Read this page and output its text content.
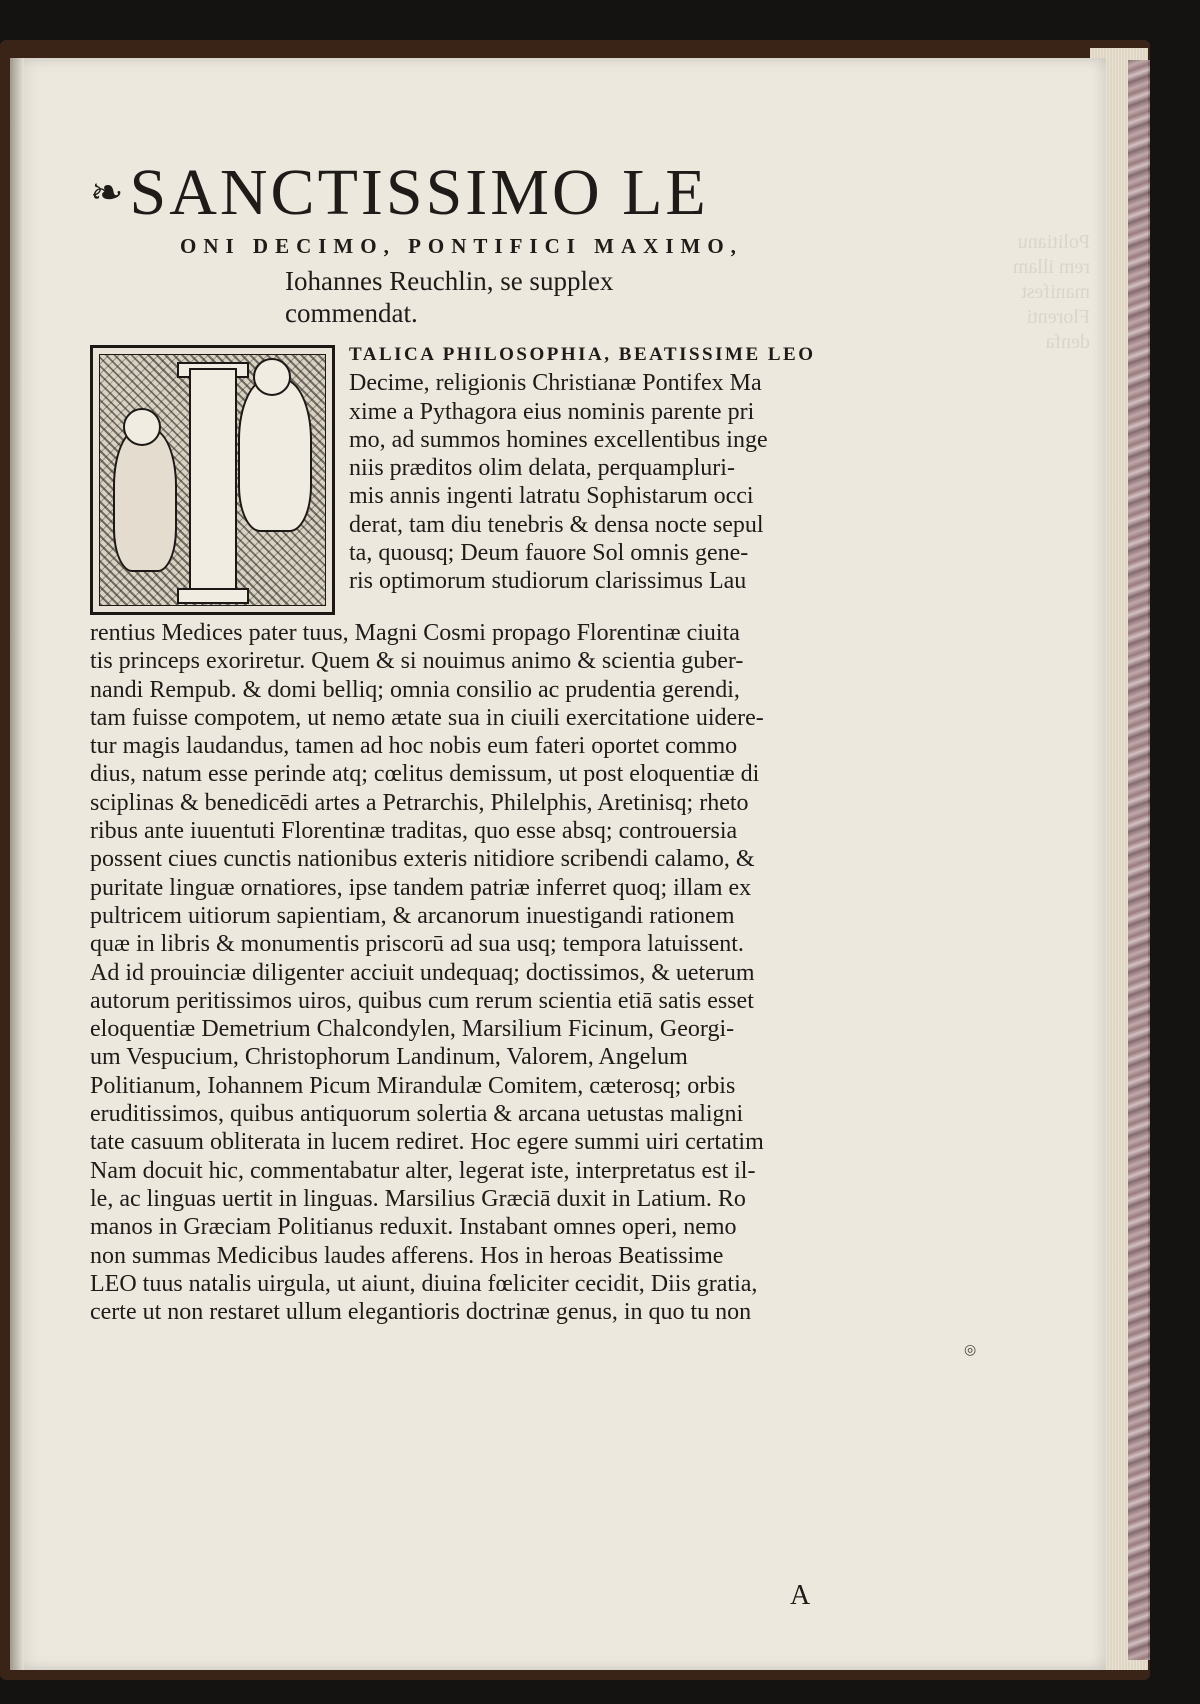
Politianu
rem illam
manifest
Florenti
denfa
❧ SANCTISSIMO LE
ONI DECIMO, PONTIFICI MAXIMO,
Iohannes Reuchlin, se supplex commendat.
TALICA PHILOSOPHIA, BEATISSIME LEO
Decime, religionis Christianæ Pontifex Ma
xime a Pythagora eius nominis parente pri
mo, ad summos homines excellentibus inge
niis præditos olim delata, perquampluri-
mis annis ingenti latratu Sophistarum occi
derat, tam diu tenebris & densa nocte sepul
ta, quousq; Deum fauore Sol omnis gene-
ris optimorum studiorum clarissimus Lau
rentius Medices pater tuus, Magni Cosmi propago Florentinæ ciuita
tis princeps exoriretur. Quem & si nouimus animo & scientia guber-
nandi Rempub. & domi belliq; omnia consilio ac prudentia gerendi,
tam fuisse compotem, ut nemo ætate sua in ciuili exercitatione uidere-
tur magis laudandus, tamen ad hoc nobis eum fateri oportet commo
dius, natum esse perinde atq; cœlitus demissum, ut post eloquentiæ di
sciplinas & benedicēdi artes a Petrarchis, Philelphis, Aretinisq; rheto
ribus ante iuuentuti Florentinæ traditas, quo esse absq; controuersia
possent ciues cunctis nationibus exteris nitidiore scribendi calamo, &
puritate linguæ ornatiores, ipse tandem patriæ inferret quoq; illam ex
pultricem uitiorum sapientiam, & arcanorum inuestigandi rationem
quæ in libris & monumentis priscorū ad sua usq; tempora latuissent.
Ad id prouinciæ diligenter acciuit undequaq; doctissimos, & ueterum
autorum peritissimos uiros, quibus cum rerum scientia etiā satis esset
eloquentiæ Demetrium Chalcondylen, Marsilium Ficinum, Georgi-
um Vespucium, Christophorum Landinum, Valorem, Angelum
Politianum, Iohannem Picum Mirandulæ Comitem, cæterosq; orbis
eruditissimos, quibus antiquorum solertia & arcana uetustas maligni
tate casuum obliterata in lucem rediret. Hoc egere summi uiri certatim
Nam docuit hic, commentabatur alter, legerat iste, interpretatus est il-
le, ac linguas uertit in linguas. Marsilius Græciā duxit in Latium. Ro
manos in Græciam Politianus reduxit. Instabant omnes operi, nemo
non summas Medicibus laudes afferens. Hos in heroas Beatissime
LEO tuus natalis uirgula, ut aiunt, diuina fœliciter cecidit, Diis gratia,
certe ut non restaret ullum elegantioris doctrinæ genus, in quo tu non
A
◎
